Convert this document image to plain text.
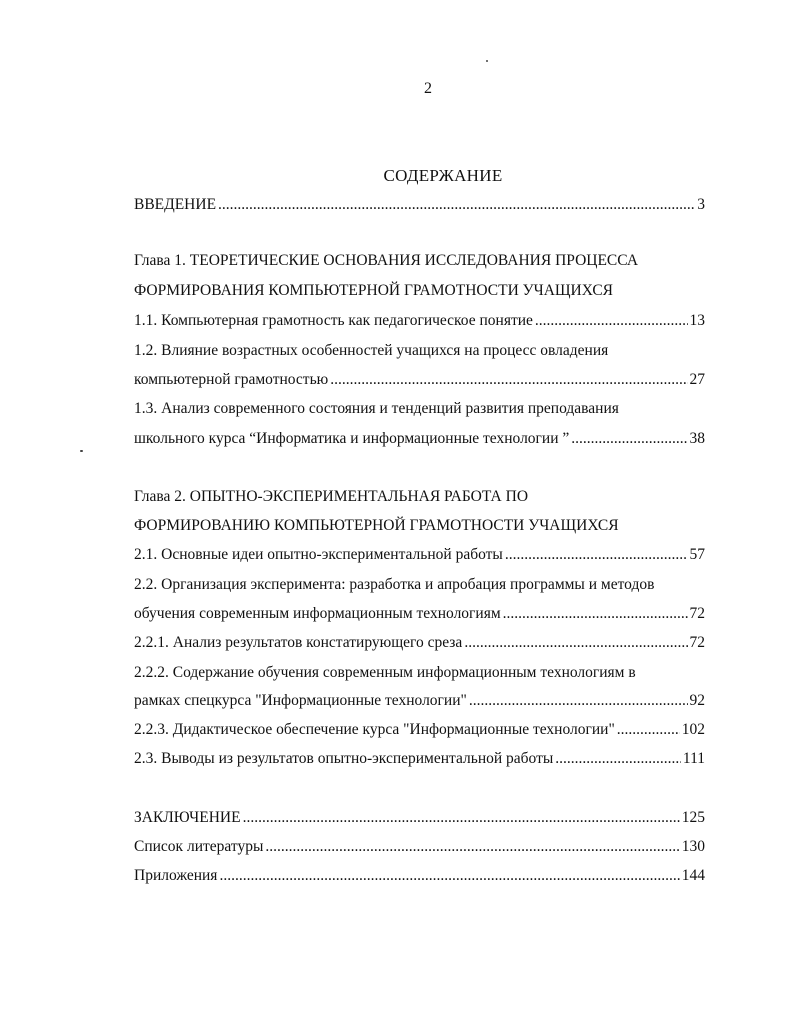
2
СОДЕРЖАНИЕ
ВВЕДЕНИЕ .....	3
Глава 1. ТЕОРЕТИЧЕСКИЕ ОСНОВАНИЯ ИССЛЕДОВАНИЯ ПРОЦЕССА
ФОРМИРОВАНИЯ КОМПЬЮТЕРНОЙ ГРАМОТНОСТИ УЧАЩИХСЯ
1.1. Компьютерная грамотность как педагогическое понятие .....	13
1.2. Влияние возрастных особенностей учащихся на процесс овладения
компьютерной грамотностью .....	27
1.3. Анализ современного состояния и тенденций развития преподавания
школьного курса “Информатика и информационные технологии ” .....	38
Глава 2. ОПЫТНО-ЭКСПЕРИМЕНТАЛЬНАЯ РАБОТА ПО
ФОРМИРОВАНИЮ КОМПЬЮТЕРНОЙ ГРАМОТНОСТИ УЧАЩИХСЯ
2.1. Основные идеи опытно-экспериментальной работы .....	57
2.2. Организация эксперимента: разработка и апробация программы и методов
обучения современным информационным технологиям .....	72
2.2.1. Анализ результатов констатирующего среза .....	72
2.2.2. Содержание обучения современным информационным технологиям в
рамках спецкурса "Информационные технологии" .....	92
2.2.3. Дидактическое обеспечение курса "Информационные технологии" .....	102
2.3. Выводы из результатов опытно-экспериментальной работы .....	111
ЗАКЛЮЧЕНИЕ .....	125
Список литературы .....	130
Приложения .....	144
